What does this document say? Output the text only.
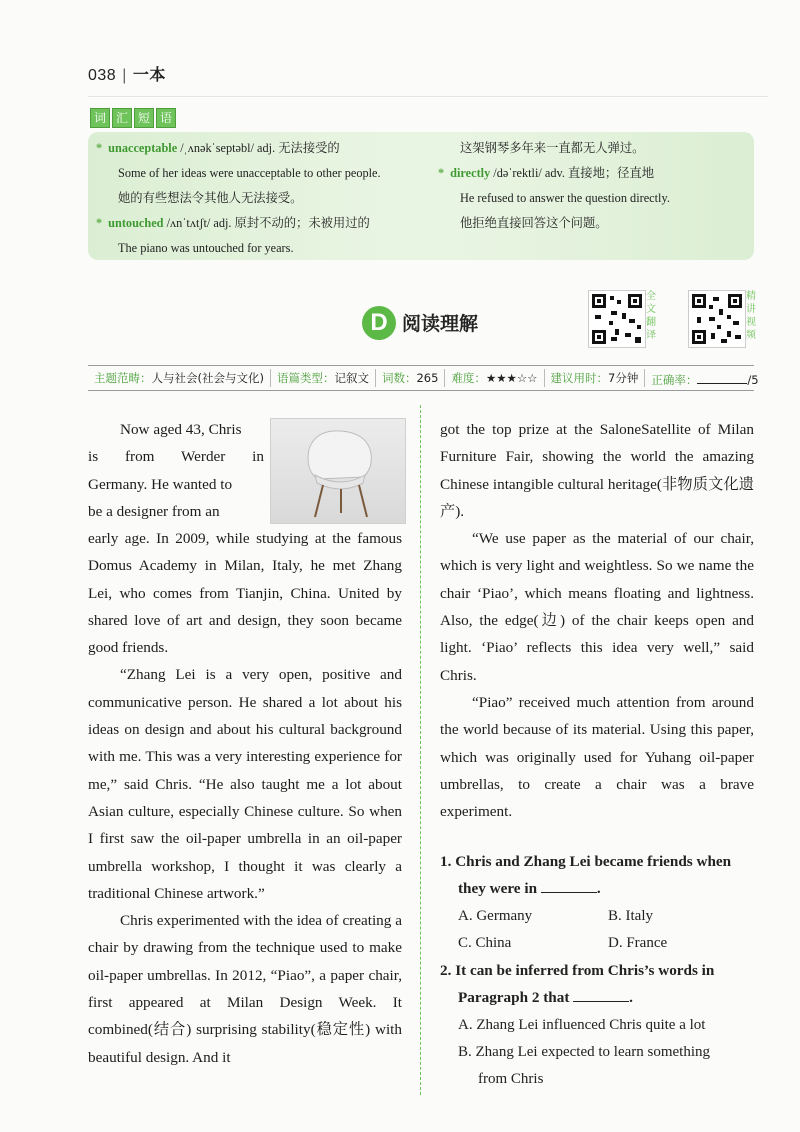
038 | 一本
词 汇 短 语
* unacceptable /ˌʌnəkˈseptəbl/ adj. 无法接受的
Some of her ideas were unacceptable to other people.
她的有些想法令其他人无法接受。
* untouched /ʌnˈtʌtʃt/ adj. 原封不动的；未被用过的
The piano was untouched for years.
这架钢琴多年来一直都无人弹过。
* directly /dəˈrektli/ adv. 直接地；径直地
He refused to answer the question directly.
他拒绝直接回答这个问题。
D 阅读理解
全
文
翻
译
精
讲
视
频
主题范畴：人与社会(社会与文化)	语篇类型：记叙文	词数：265	难度：★★★☆☆	建议用时：7分钟	正确率：	/5

Now aged 43, Chris

is from Werder in

Germany. He wanted to

be a designer from an

early age. In 2009, while studying at the famous Domus Academy in Milan, Italy, he met Zhang Lei, who comes from Tianjin, China. United by shared love of art and design, they soon became good friends.

“Zhang Lei is a very open, positive and communicative person. He shared a lot about his ideas on design and about his cultural background with me. This was a very interesting experience for me,” said Chris. “He also taught me a lot about Asian culture, especially Chinese culture. So when I first saw the oil-paper umbrella in an oil-paper umbrella workshop, I thought it was clearly a traditional Chinese artwork.”

Chris experimented with the idea of creating a chair by drawing from the technique used to make oil-paper umbrellas. In 2012, “Piao”, a paper chair, first appeared at Milan Design Week. It combined(结合) surprising stability(稳定性) with beautiful design. And it

got the top prize at the SaloneSatellite of Milan Furniture Fair, showing the world the amazing Chinese intangible cultural heritage(非物质文化遗产).

“We use paper as the material of our chair, which is very light and weightless. So we name the chair ‘Piao’, which means floating and lightness. Also, the edge(边) of the chair keeps open and light. ‘Piao’ reflects this idea very well,” said Chris.

“Piao” received much attention from around the world because of its material. Using this paper, which was originally used for Yuhang oil-paper umbrellas, to create a chair was a brave experiment.

1. Chris and Zhang Lei became friends when
they were in	.
A. Germany	B. Italy
C. China	D. France
2. It can be inferred from Chris’s words in
Paragraph 2 that	.
A. Zhang Lei influenced Chris quite a lot
B. Zhang Lei expected to learn something
from Chris
